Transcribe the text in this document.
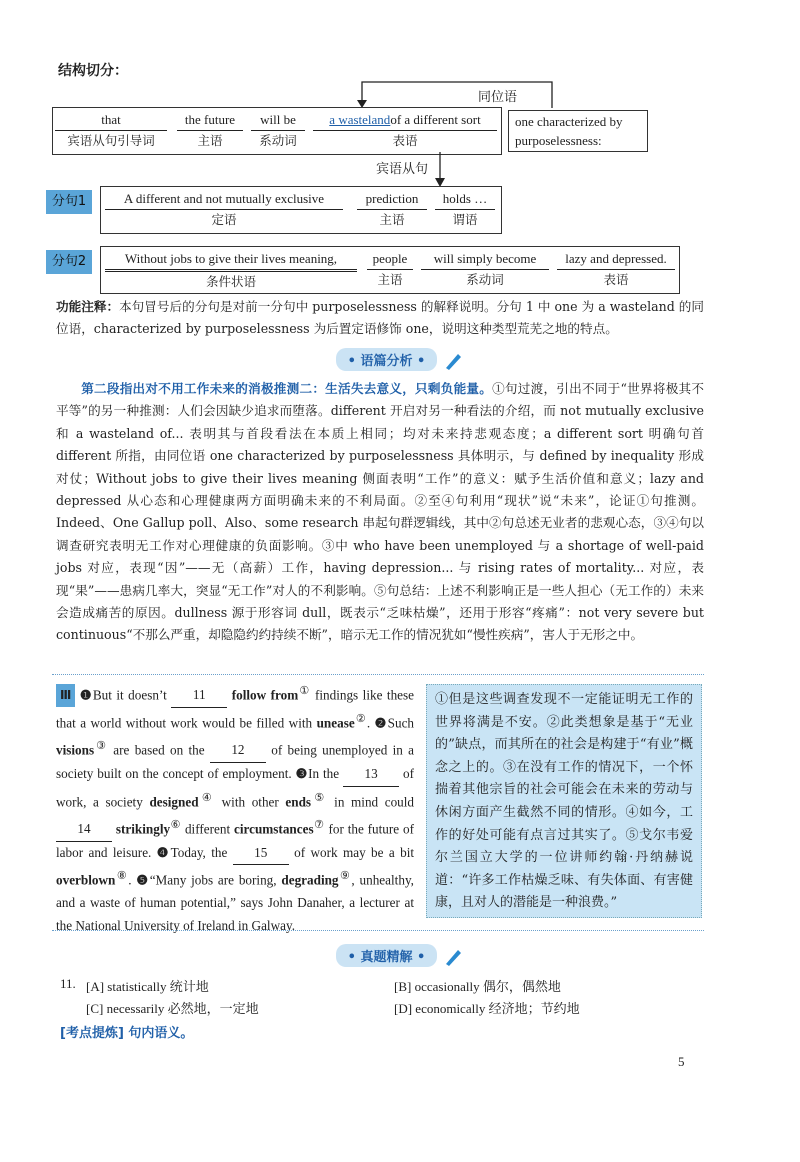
结构切分：
同位语
that
宾语从句引导词
the future
主语
will be
系动词
a wastelandof a different sort
表语
one characterized by purposelessness:
宾语从句
分句1	A different and not mutually exclusive
定语
prediction
主语
holds …
谓语
分句2	Without jobs to give their lives meaning,
条件状语
people
主语
will simply become
系动词
lazy and depressed.
表语
功能注释：本句冒号后的分句是对前一分句中 purposelessness 的解释说明。分句 1 中 one 为 a wasteland 的同位语，characterized by purposelessness 为后置定语修饰 one，说明这种类型荒芜之地的特点。
• 语篇分析 •
第二段指出对不用工作未来的消极推测二：生活失去意义，只剩负能量。①句过渡，引出不同于“世界将极其不平等”的另一种推测：人们会因缺少追求而堕落。different 开启对另一种看法的介绍，而 not mutually exclusive 和 a wasteland of... 表明其与首段看法在本质上相同；均对未来持悲观态度；a different sort 明确句首 different 所指，由同位语 one characterized by purposelessness 具体明示，与 defined by inequality 形成对仗；Without jobs to give their lives meaning 侧面表明“工作”的意义：赋予生活价值和意义；lazy and depressed 从心态和心理健康两方面明确未来的不利局面。②至④句利用“现状”说“未来”，论证①句推测。Indeed、One Gallup poll、Also、some research 串起句群逻辑线，其中②句总述无业者的悲观心态，③④句以调查研究表明无工作对心理健康的负面影响。③中 who have been unemployed 与 a shortage of well-paid jobs 对应，表现“因”——无（高薪）工作，having depression... 与 rising rates of mortality... 对应，表现“果”——患病几率大，突显“无工作”对人的不利影响。⑤句总结：上述不利影响正是一些人担心（无工作的）未来会造成痛苦的原因。dullness 源于形容词 dull，既表示“乏味枯燥”，还用于形容“疼痛”：not very severe but continuous“不那么严重，却隐隐约约持续不断”，暗示无工作的情况犹如“慢性疾病”，害人于无形之中。
Ⅲ ❶But it doesn’t 11 follow from① findings like these that a world without work would be filled with unease②. ❷Such visions③ are based on the 12 of being unemployed in a society built on the concept of employment. ❸In the 13 of work, a society designed④ with other ends⑤ in mind could 14 strikingly⑥ different circumstances⑦ for the future of labor and leisure. ❹Today, the 15 of work may be a bit overblown⑧. ❺“Many jobs are boring, degrading⑨, unhealthy, and a waste of human potential,” says John Danaher, a lecturer at the National University of Ireland in Galway.
①但是这些调查发现不一定能证明无工作的世界将满是不安。②此类想象是基于“无业的”缺点，而其所在的社会是构建于“有业”概念之上的。③在没有工作的情况下，一个怀揣着其他宗旨的社会可能会在未来的劳动与休闲方面产生截然不同的情形。④如今，工作的好处可能有点言过其实了。⑤戈尔韦爱尔兰国立大学的一位讲师约翰·丹纳赫说道：“许多工作枯燥乏味、有失体面、有害健康，且对人的潜能是一种浪费。”
• 真题精解 •
11. [A] statistically 统计地	[B] occasionally 偶尔，偶然地
[C] necessarily 必然地，一定地	[D] economically 经济地；节约地
[考点提炼] 句内语义。
5
